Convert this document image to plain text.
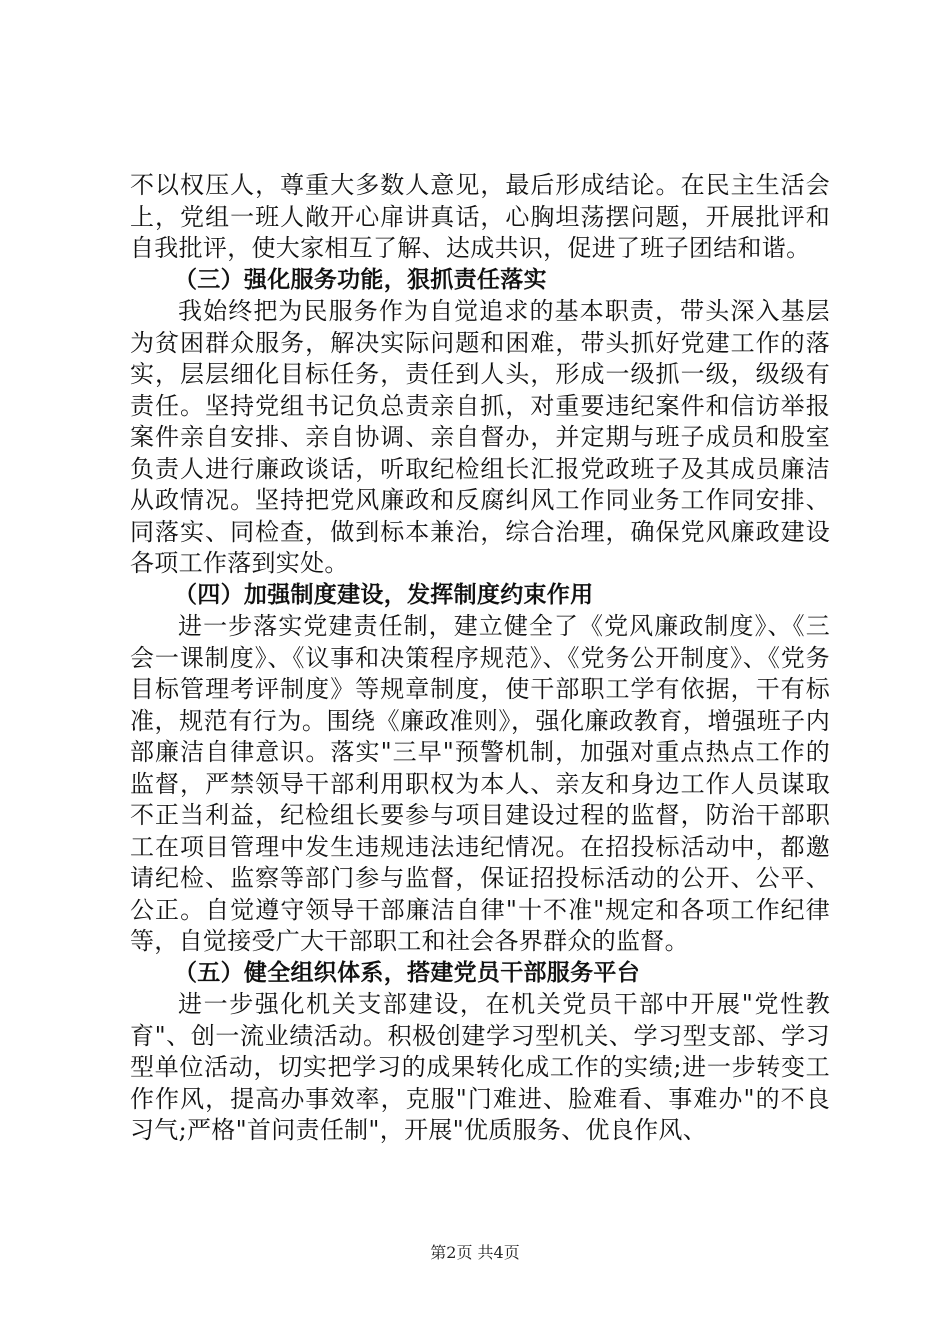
不以权压人，尊重大多数人意见，最后形成结论。在民主生活会上，党组一班人敞开心扉讲真话，心胸坦荡摆问题，开展批评和自我批评，使大家相互了解、达成共识，促进了班子团结和谐。

（三）强化服务功能，狠抓责任落实

我始终把为民服务作为自觉追求的基本职责，带头深入基层为贫困群众服务，解决实际问题和困难，带头抓好党建工作的落实，层层细化目标任务，责任到人头，形成一级抓一级，级级有责任。坚持党组书记负总责亲自抓，对重要违纪案件和信访举报案件亲自安排、亲自协调、亲自督办，并定期与班子成员和股室负责人进行廉政谈话，听取纪检组长汇报党政班子及其成员廉洁从政情况。坚持把党风廉政和反腐纠风工作同业务工作同安排、同落实、同检查，做到标本兼治，综合治理，确保党风廉政建设各项工作落到实处。

（四）加强制度建设，发挥制度约束作用

进一步落实党建责任制，建立健全了《党风廉政制度》、《三会一课制度》、《议事和决策程序规范》、《党务公开制度》、《党务目标管理考评制度》等规章制度，使干部职工学有依据，干有标准，规范有行为。围绕《廉政准则》，强化廉政教育，增强班子内部廉洁自律意识。落实"三早"预警机制，加强对重点热点工作的监督，严禁领导干部利用职权为本人、亲友和身边工作人员谋取不正当利益，纪检组长要参与项目建设过程的监督，防治干部职工在项目管理中发生违规违法违纪情况。在招投标活动中，都邀请纪检、监察等部门参与监督，保证招投标活动的公开、公平、公正。自觉遵守领导干部廉洁自律"十不准"规定和各项工作纪律等，自觉接受广大干部职工和社会各界群众的监督。

（五）健全组织体系，搭建党员干部服务平台

进一步强化机关支部建设，在机关党员干部中开展"党性教育"、创一流业绩活动。积极创建学习型机关、学习型支部、学习型单位活动，切实把学习的成果转化成工作的实绩;进一步转变工作作风，提高办事效率，克服"门难进、脸难看、事难办"的不良习气;严格"首问责任制"，开展"优质服务、优良作风、

第2页 共4页
